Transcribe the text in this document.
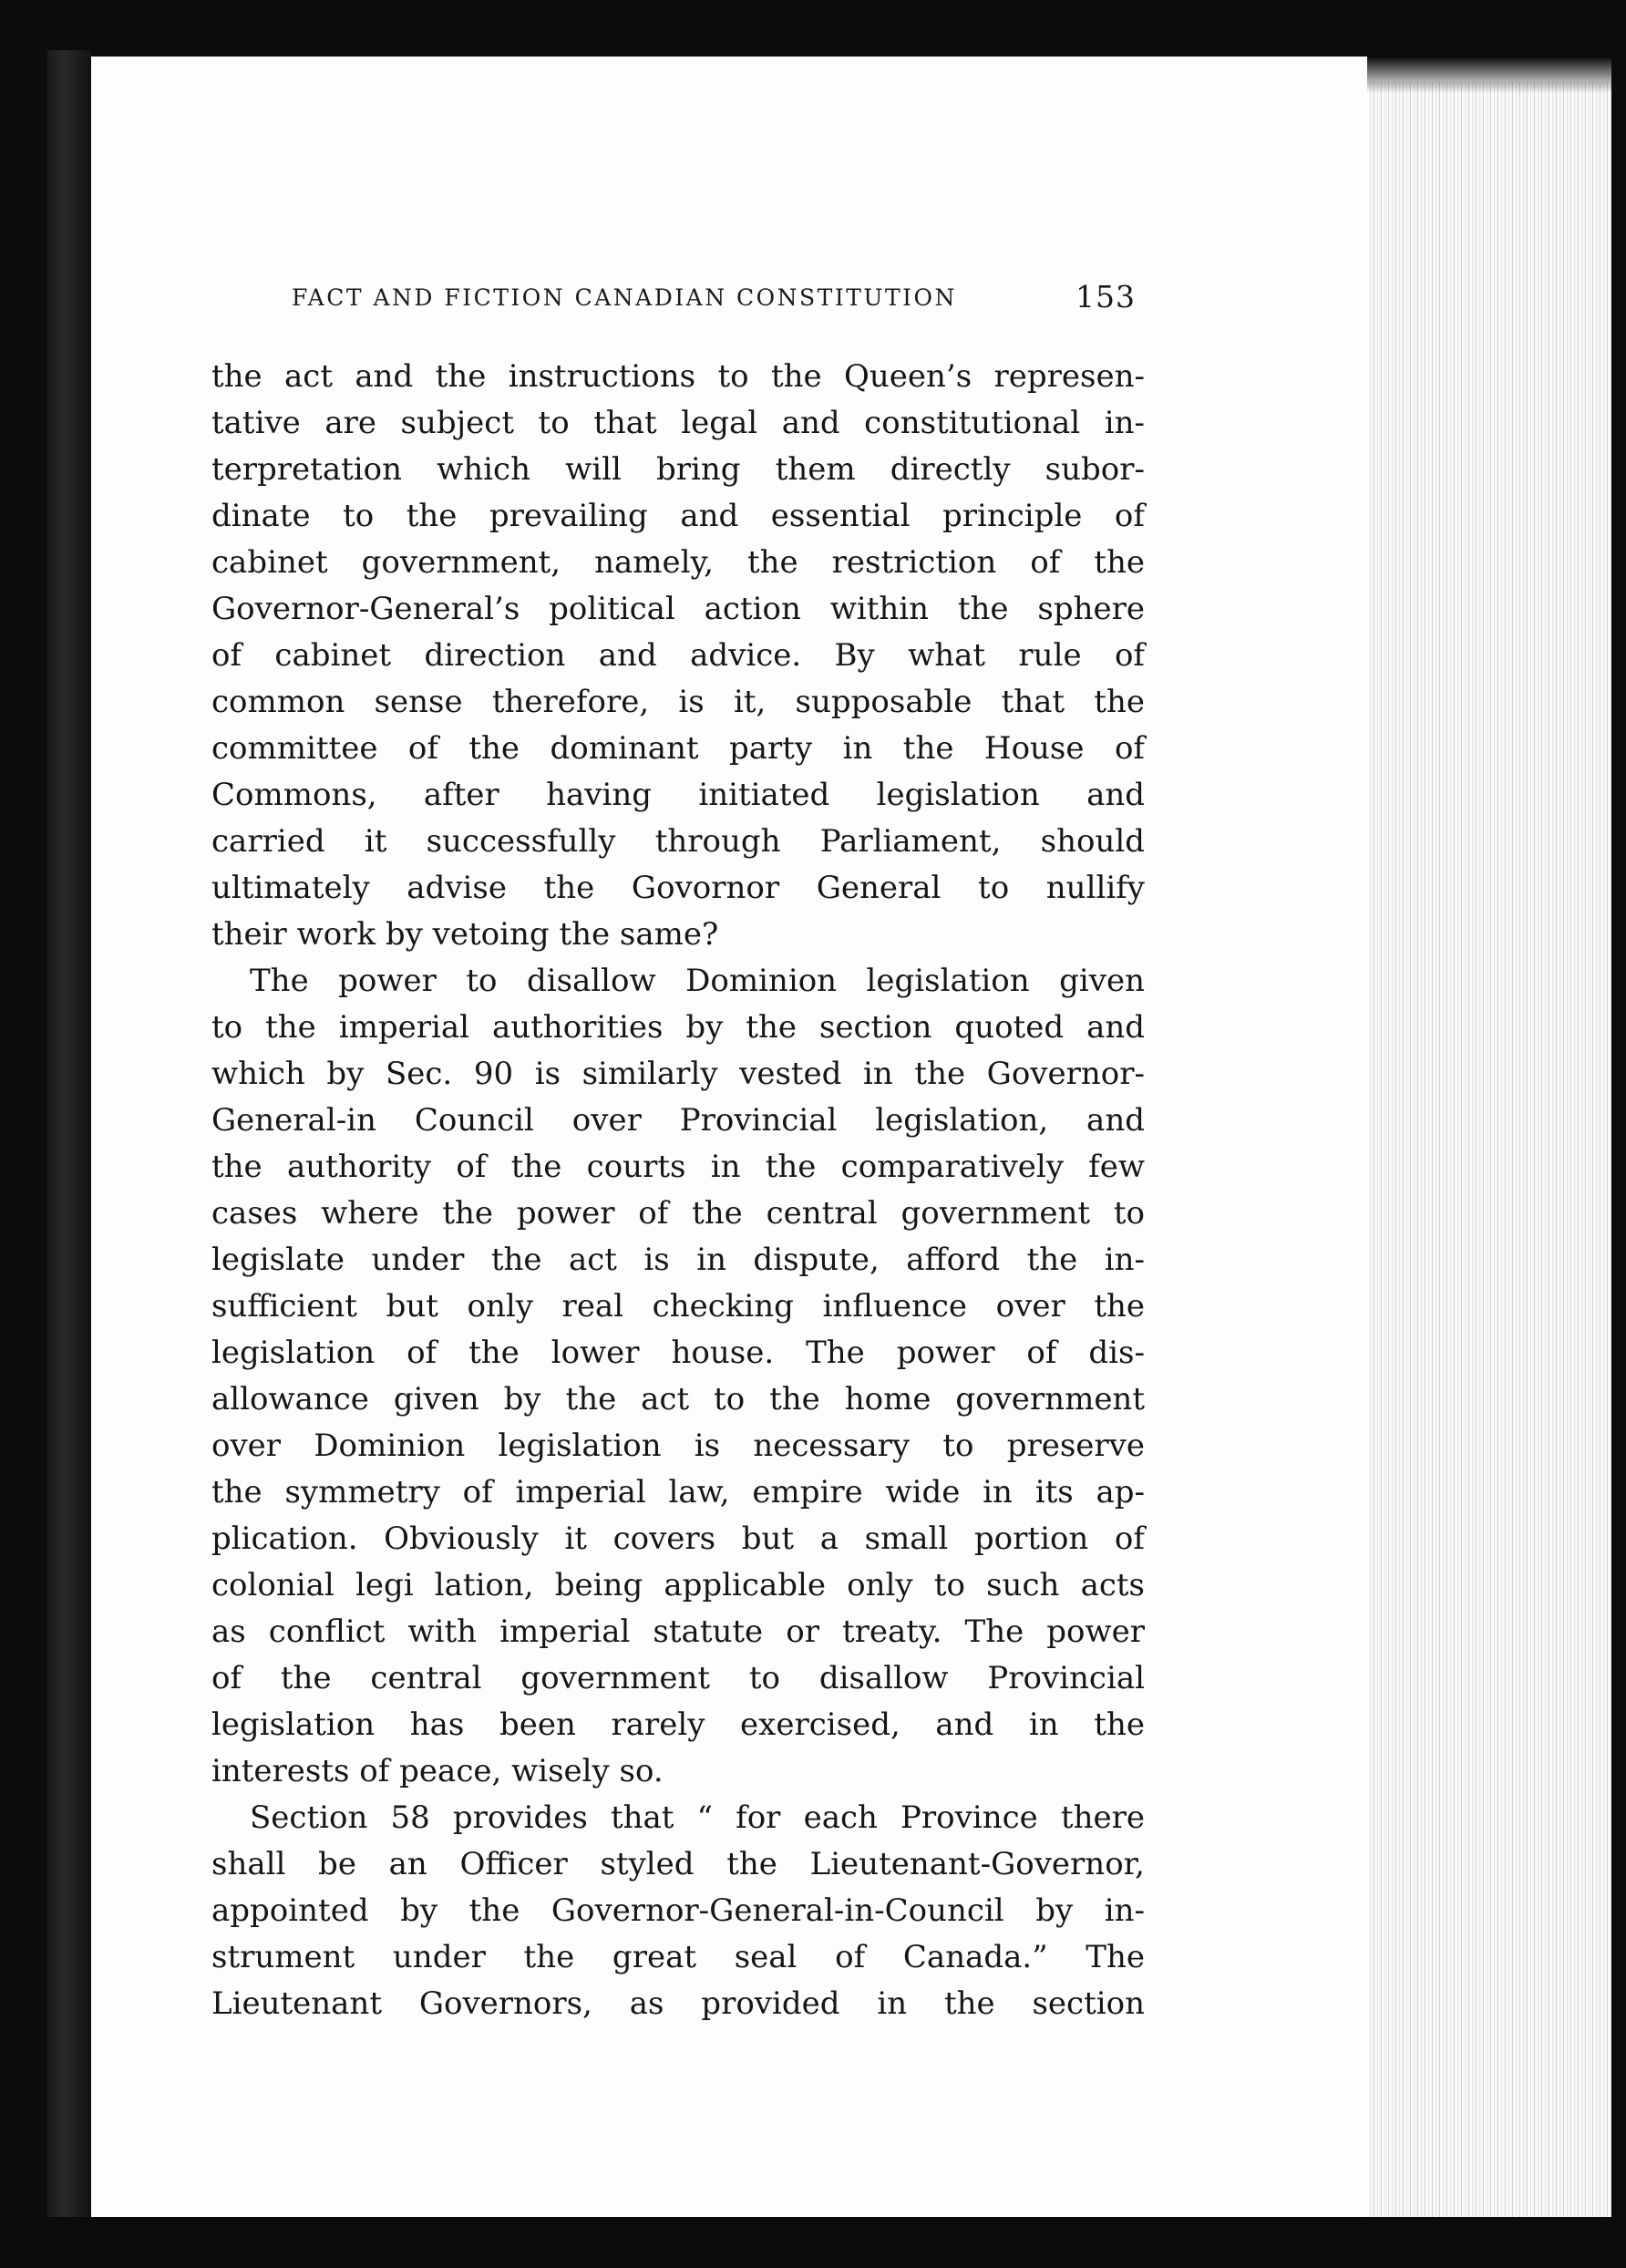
FACT AND FICTION CANADIAN CONSTITUTION	153
the act and the instructions to the Queen’s represen-
tative are subject to that legal and constitutional in-
terpretation which will bring them directly subor-
dinate to the prevailing and essential principle of
cabinet government, namely, the restriction of the
Governor-General’s political action within the sphere
of cabinet direction and advice. By what rule of
common sense therefore, is it, supposable that the
committee of the dominant party in the House of
Commons, after having initiated legislation and
carried it successfully through Parliament, should
ultimately advise the Govornor General to nullify
their work by vetoing the same?
The power to disallow Dominion legislation given
to the imperial authorities by the section quoted and
which by Sec. 90 is similarly vested in the Governor-
General-in Council over Provincial legislation, and
the authority of the courts in the comparatively few
cases where the power of the central government to
legislate under the act is in dispute, afford the in-
sufficient but only real checking influence over the
legislation of the lower house. The power of dis-
allowance given by the act to the home government
over Dominion legislation is necessary to preserve
the symmetry of imperial law, empire wide in its ap-
plication. Obviously it covers but a small portion of
colonial legi lation, being applicable only to such acts
as conflict with imperial statute or treaty. The power
of the central government to disallow Provincial
legislation has been rarely exercised, and in the
interests of peace, wisely so.
Section 58 provides that “ for each Province there
shall be an Officer styled the Lieutenant-Governor,
appointed by the Governor-General-in-Council by in-
strument under the great seal of Canada.” The
Lieutenant Governors, as provided in the section
